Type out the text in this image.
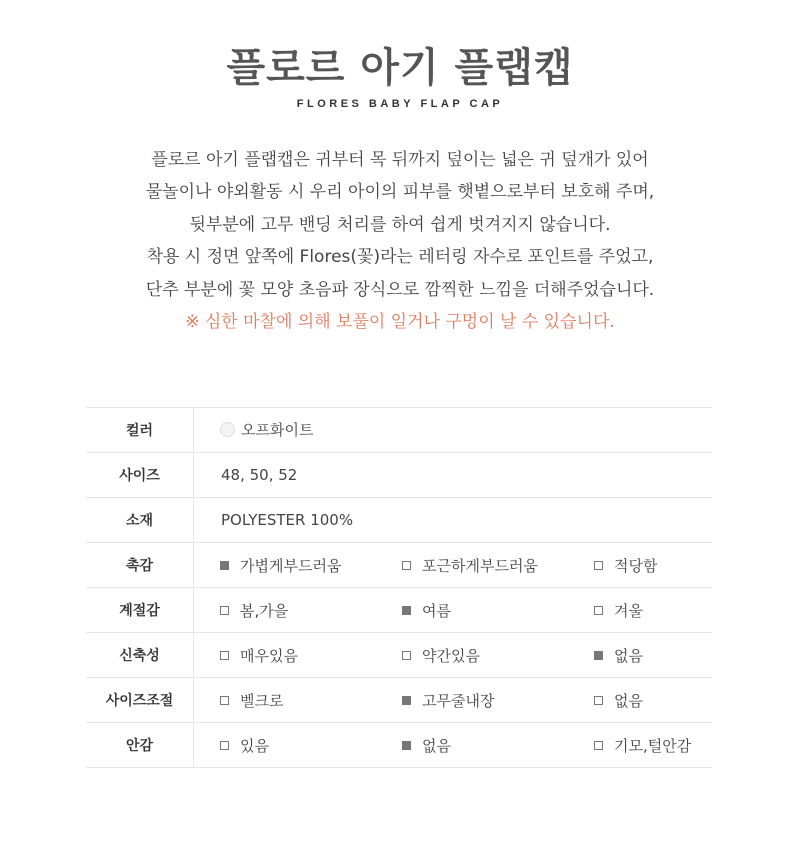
플로르 아기 플랩캡
FLORES BABY FLAP CAP
플로르 아기 플랩캡은 귀부터 목 뒤까지 덮이는 넓은 귀 덮개가 있어
물놀이나 야외활동 시 우리 아이의 피부를 햇볕으로부터 보호해 주며,
뒷부분에 고무 밴딩 처리를 하여 쉽게 벗겨지지 않습니다.
착용 시 정면 앞쪽에 Flores(꽃)라는 레터링 자수로 포인트를 주었고,
단추 부분에 꽃 모양 초음파 장식으로 깜찍한 느낌을 더해주었습니다.
※ 심한 마찰에 의해 보풀이 일거나 구멍이 날 수 있습니다.
컬러	오프화이트
사이즈	48, 50, 52
소재	POLYESTER 100%
촉감	가볍게부드러움	포근하게부드러움	적당함
계절감	봄,가을	여름	겨울
신축성	매우있음	약간있음	없음
사이즈조절	벨크로	고무줄내장	없음
안감	있음	없음	기모,털안감
